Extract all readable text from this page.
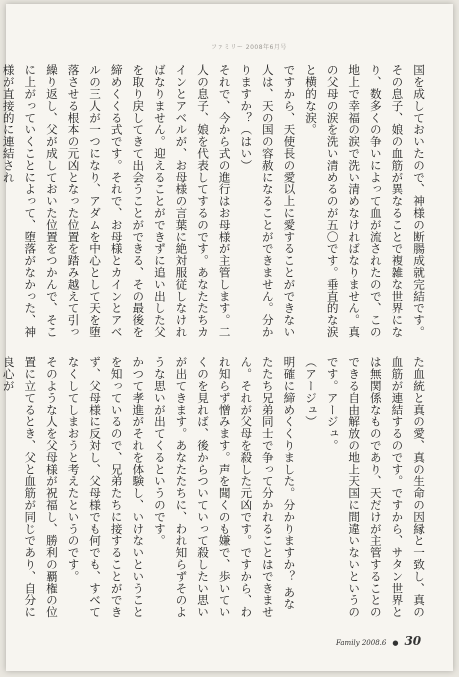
ファミリー 2008年6月号

国を成しておいたので、神様の断腸成就完結です。その息子、娘の血筋が異なることで複雑な世界になり、数多くの争いによって血が流されたので、この地上で幸福の涙で洗い清めなければなりません。真の父母の涙を洗い清めるのが五〇です。垂直的な涙と横的な涙。

ですから、天使長の愛以上に愛することができない人は、天の国の容赦になることができません。分かりますか？（はい）

それで、今から式の進行はお母様が主管します。二人の息子、娘を代表してするのです。あなたたちカインとアベルが、お母様の言葉に絶対服従しなければなりません。迎えることができずに追い出した父を取り戻してきて出会うことができる、その最後を締めくくる式です。それで、お母様とカインとアベルの三人が一つになり、アダムを中心として天を堕落させる根本の元凶となった位置を踏み越えて引っ繰り返し、父が成しておいた位置をつかんで、そこに上がっていくことによって、堕落がなかった、神様が直接的に連結され

た血統と真の愛、真の生命の因縁と一致し、真の血筋が連結するのです。ですから、サタン世界とは無関係なものであり、天だけが主管することのできる自由解放の地上天国に間違いないというのです。アージュ。

（アージュ）

明確に締めくくりました。分かりますか？ あなたたち兄弟同士で争って分かれることはできません。それが父母を殺した元凶です。ですから、われ知らず憎みます。声を聞くのも嫌で、歩いていくのを見れば、後からついていって殺したい思いが出てきます。あなたたちに、われ知らずそのような思いが出てくるというのです。

かつて孝進がそれを体験し、いけないということを知っているので、兄弟たちに接することができず、父母様に反対し、父母様でも何でも、すべてなくしてしまおうと考えたというのです。

そのような人を父母様が祝福し、勝利の覇権の位置に立てるとき、父と血筋が同じであり、自分に良心が

Family 2008.6 ● 30
